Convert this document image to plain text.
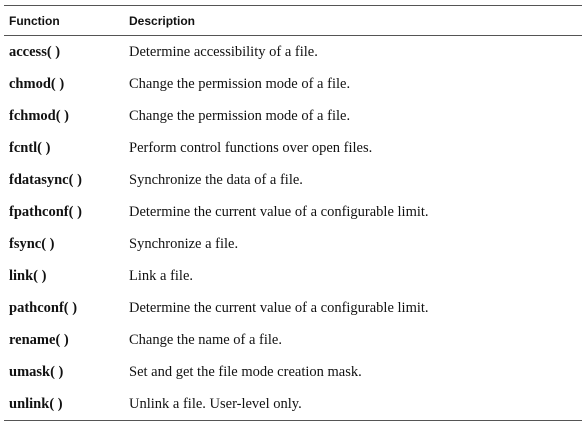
Function	Description
access( )	Determine accessibility of a file.
chmod( )	Change the permission mode of a file.
fchmod( )	Change the permission mode of a file.
fcntl( )	Perform control functions over open files.
fdatasync( )	Synchronize the data of a file.
fpathconf( )	Determine the current value of a configurable limit.
fsync( )	Synchronize a file.
link( )	Link a file.
pathconf( )	Determine the current value of a configurable limit.
rename( )	Change the name of a file.
umask( )	Set and get the file mode creation mask.
unlink( )	Unlink a file. User-level only.
